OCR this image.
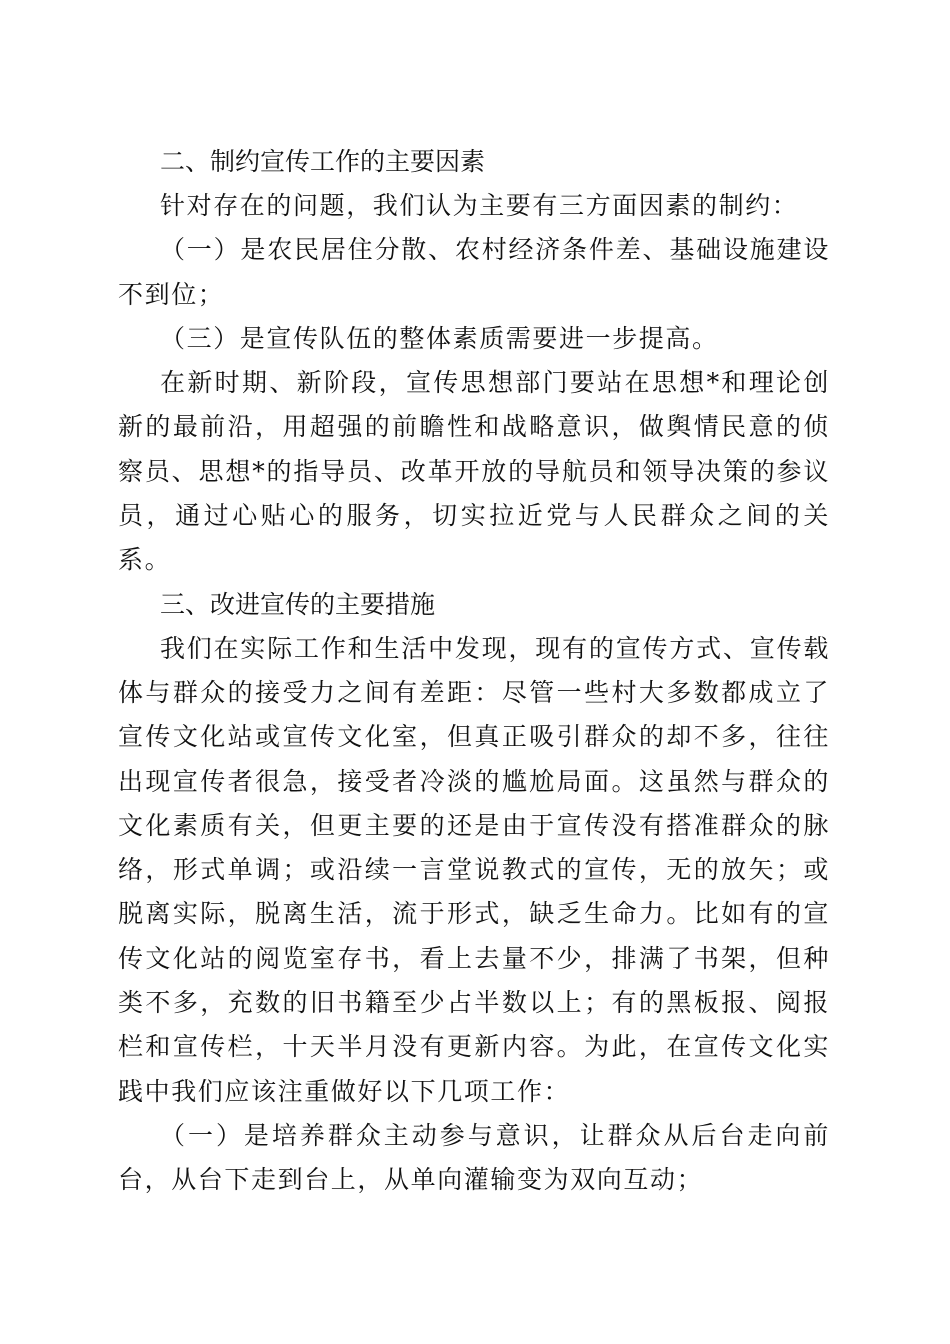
二、制约宣传工作的主要因素

针对存在的问题，我们认为主要有三方面因素的制约：

（一）是农民居住分散、农村经济条件差、基础设施建设不到位；

（三）是宣传队伍的整体素质需要进一步提高。

在新时期、新阶段，宣传思想部门要站在思想*和理论创新的最前沿，用超强的前瞻性和战略意识，做舆情民意的侦察员、思想*的指导员、改革开放的导航员和领导决策的参议员，通过心贴心的服务，切实拉近党与人民群众之间的关系。

三、改进宣传的主要措施

我们在实际工作和生活中发现，现有的宣传方式、宣传载体与群众的接受力之间有差距：尽管一些村大多数都成立了宣传文化站或宣传文化室，但真正吸引群众的却不多，往往出现宣传者很急，接受者冷淡的尴尬局面。这虽然与群众的文化素质有关，但更主要的还是由于宣传没有搭准群众的脉络，形式单调；或沿续一言堂说教式的宣传，无的放矢；或脱离实际，脱离生活，流于形式，缺乏生命力。比如有的宣传文化站的阅览室存书，看上去量不少，排满了书架，但种类不多，充数的旧书籍至少占半数以上；有的黑板报、阅报栏和宣传栏，十天半月没有更新内容。为此，在宣传文化实践中我们应该注重做好以下几项工作：

（一）是培养群众主动参与意识，让群众从后台走向前台，从台下走到台上，从单向灌输变为双向互动；
